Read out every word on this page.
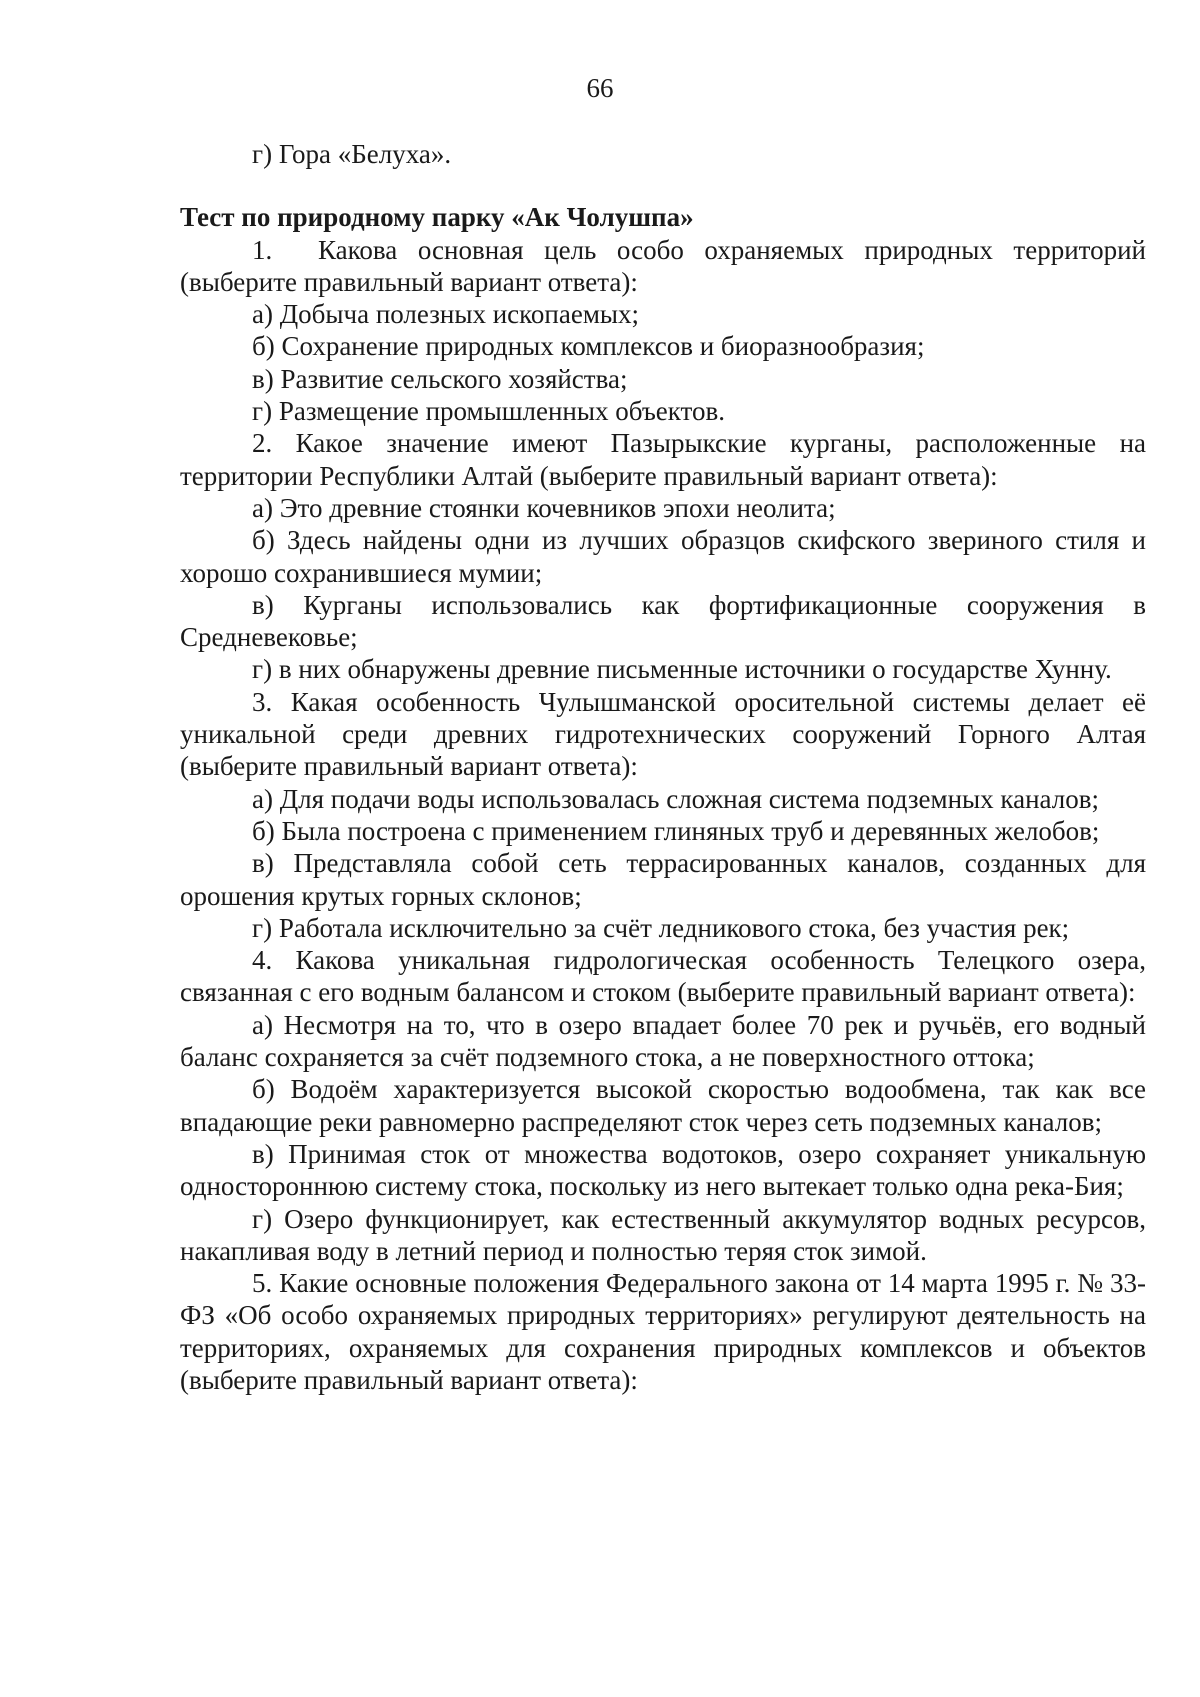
66

г) Гора «Белуха».

Тест по природному парку «Ак Чолушпа»

1. Какова основная цель особо охраняемых природных территорий (выберите правильный вариант ответа):

а) Добыча полезных ископаемых;

б) Сохранение природных комплексов и биоразнообразия;

в) Развитие сельского хозяйства;

г) Размещение промышленных объектов.

2. Какое значение имеют Пазырыкские курганы, расположенные на территории Республики Алтай (выберите правильный вариант ответа):

а) Это древние стоянки кочевников эпохи неолита;

б) Здесь найдены одни из лучших образцов скифского звериного стиля и хорошо сохранившиеся мумии;

в) Курганы использовались как фортификационные сооружения в Средневековье;

г) в них обнаружены древние письменные источники о государстве Хунну.

3. Какая особенность Чулышманской оросительной системы делает её уникальной среди древних гидротехнических сооружений Горного Алтая (выберите правильный вариант ответа):

а) Для подачи воды использовалась сложная система подземных каналов;

б) Была построена с применением глиняных труб и деревянных желобов;

в) Представляла собой сеть террасированных каналов, созданных для орошения крутых горных склонов;

г) Работала исключительно за счёт ледникового стока, без участия рек;

4. Какова уникальная гидрологическая особенность Телецкого озера, связанная с его водным балансом и стоком (выберите правильный вариант ответа):

а) Несмотря на то, что в озеро впадает более 70 рек и ручьёв, его водный баланс сохраняется за счёт подземного стока, а не поверхностного оттока;

б) Водоём характеризуется высокой скоростью водообмена, так как все впадающие реки равномерно распределяют сток через сеть подземных каналов;

в) Принимая сток от множества водотоков, озеро сохраняет уникальную одностороннюю систему стока, поскольку из него вытекает только одна река-Бия;

г) Озеро функционирует, как естественный аккумулятор водных ресурсов, накапливая воду в летний период и полностью теряя сток зимой.

5. Какие основные положения Федерального закона от 14 марта 1995 г. № 33-ФЗ «Об особо охраняемых природных территориях» регулируют деятельность на территориях, охраняемых для сохранения природных комплексов и объектов (выберите правильный вариант ответа):
